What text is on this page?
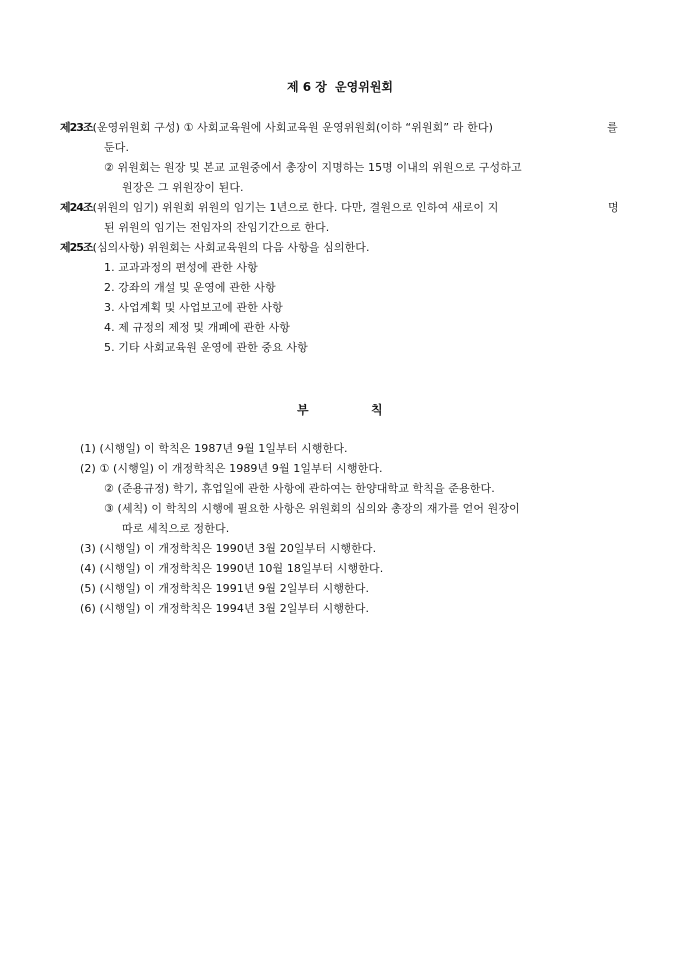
제 6 장 운영위원회
제23조(운영위원회 구성) ① 사회교육원에 사회교육원 운영위원회(이하 “위원회” 라 한다)	를
둔다.
② 위원회는 원장 및 본교 교원중에서 총장이 지명하는 15명 이내의 위원으로 구성하고
원장은 그 위원장이 된다.
제24조(위원의 임기) 위원회 위원의 임기는 1년으로 한다. 다만, 결원으로 인하여 새로이 지	명
된 위원의 임기는 전임자의 잔임기간으로 한다.
제25조(심의사항) 위원회는 사회교육원의 다음 사항을 심의한다.
1. 교과과정의 편성에 관한 사항
2. 강좌의 개설 및 운영에 관한 사항
3. 사업계획 및 사업보고에 관한 사항
4. 제 규정의 제정 및 개폐에 관한 사항
5. 기타 사회교육원 운영에 관한 중요 사항
부	칙
(1) (시행일) 이 학칙은 1987년 9월 1일부터 시행한다.
(2) ① (시행일) 이 개정학칙은 1989년 9월 1일부터 시행한다.
② (준용규정) 학기, 휴업일에 관한 사항에 관하여는 한양대학교 학칙을 준용한다.
③ (세칙) 이 학칙의 시행에 필요한 사항은 위원회의 심의와 총장의 재가를 얻어 원장이
따로 세칙으로 정한다.
(3) (시행일) 이 개정학칙은 1990년 3월 20일부터 시행한다.
(4) (시행일) 이 개정학칙은 1990년 10월 18일부터 시행한다.
(5) (시행일) 이 개정학칙은 1991년 9월 2일부터 시행한다.
(6) (시행일) 이 개정학칙은 1994년 3월 2일부터 시행한다.
